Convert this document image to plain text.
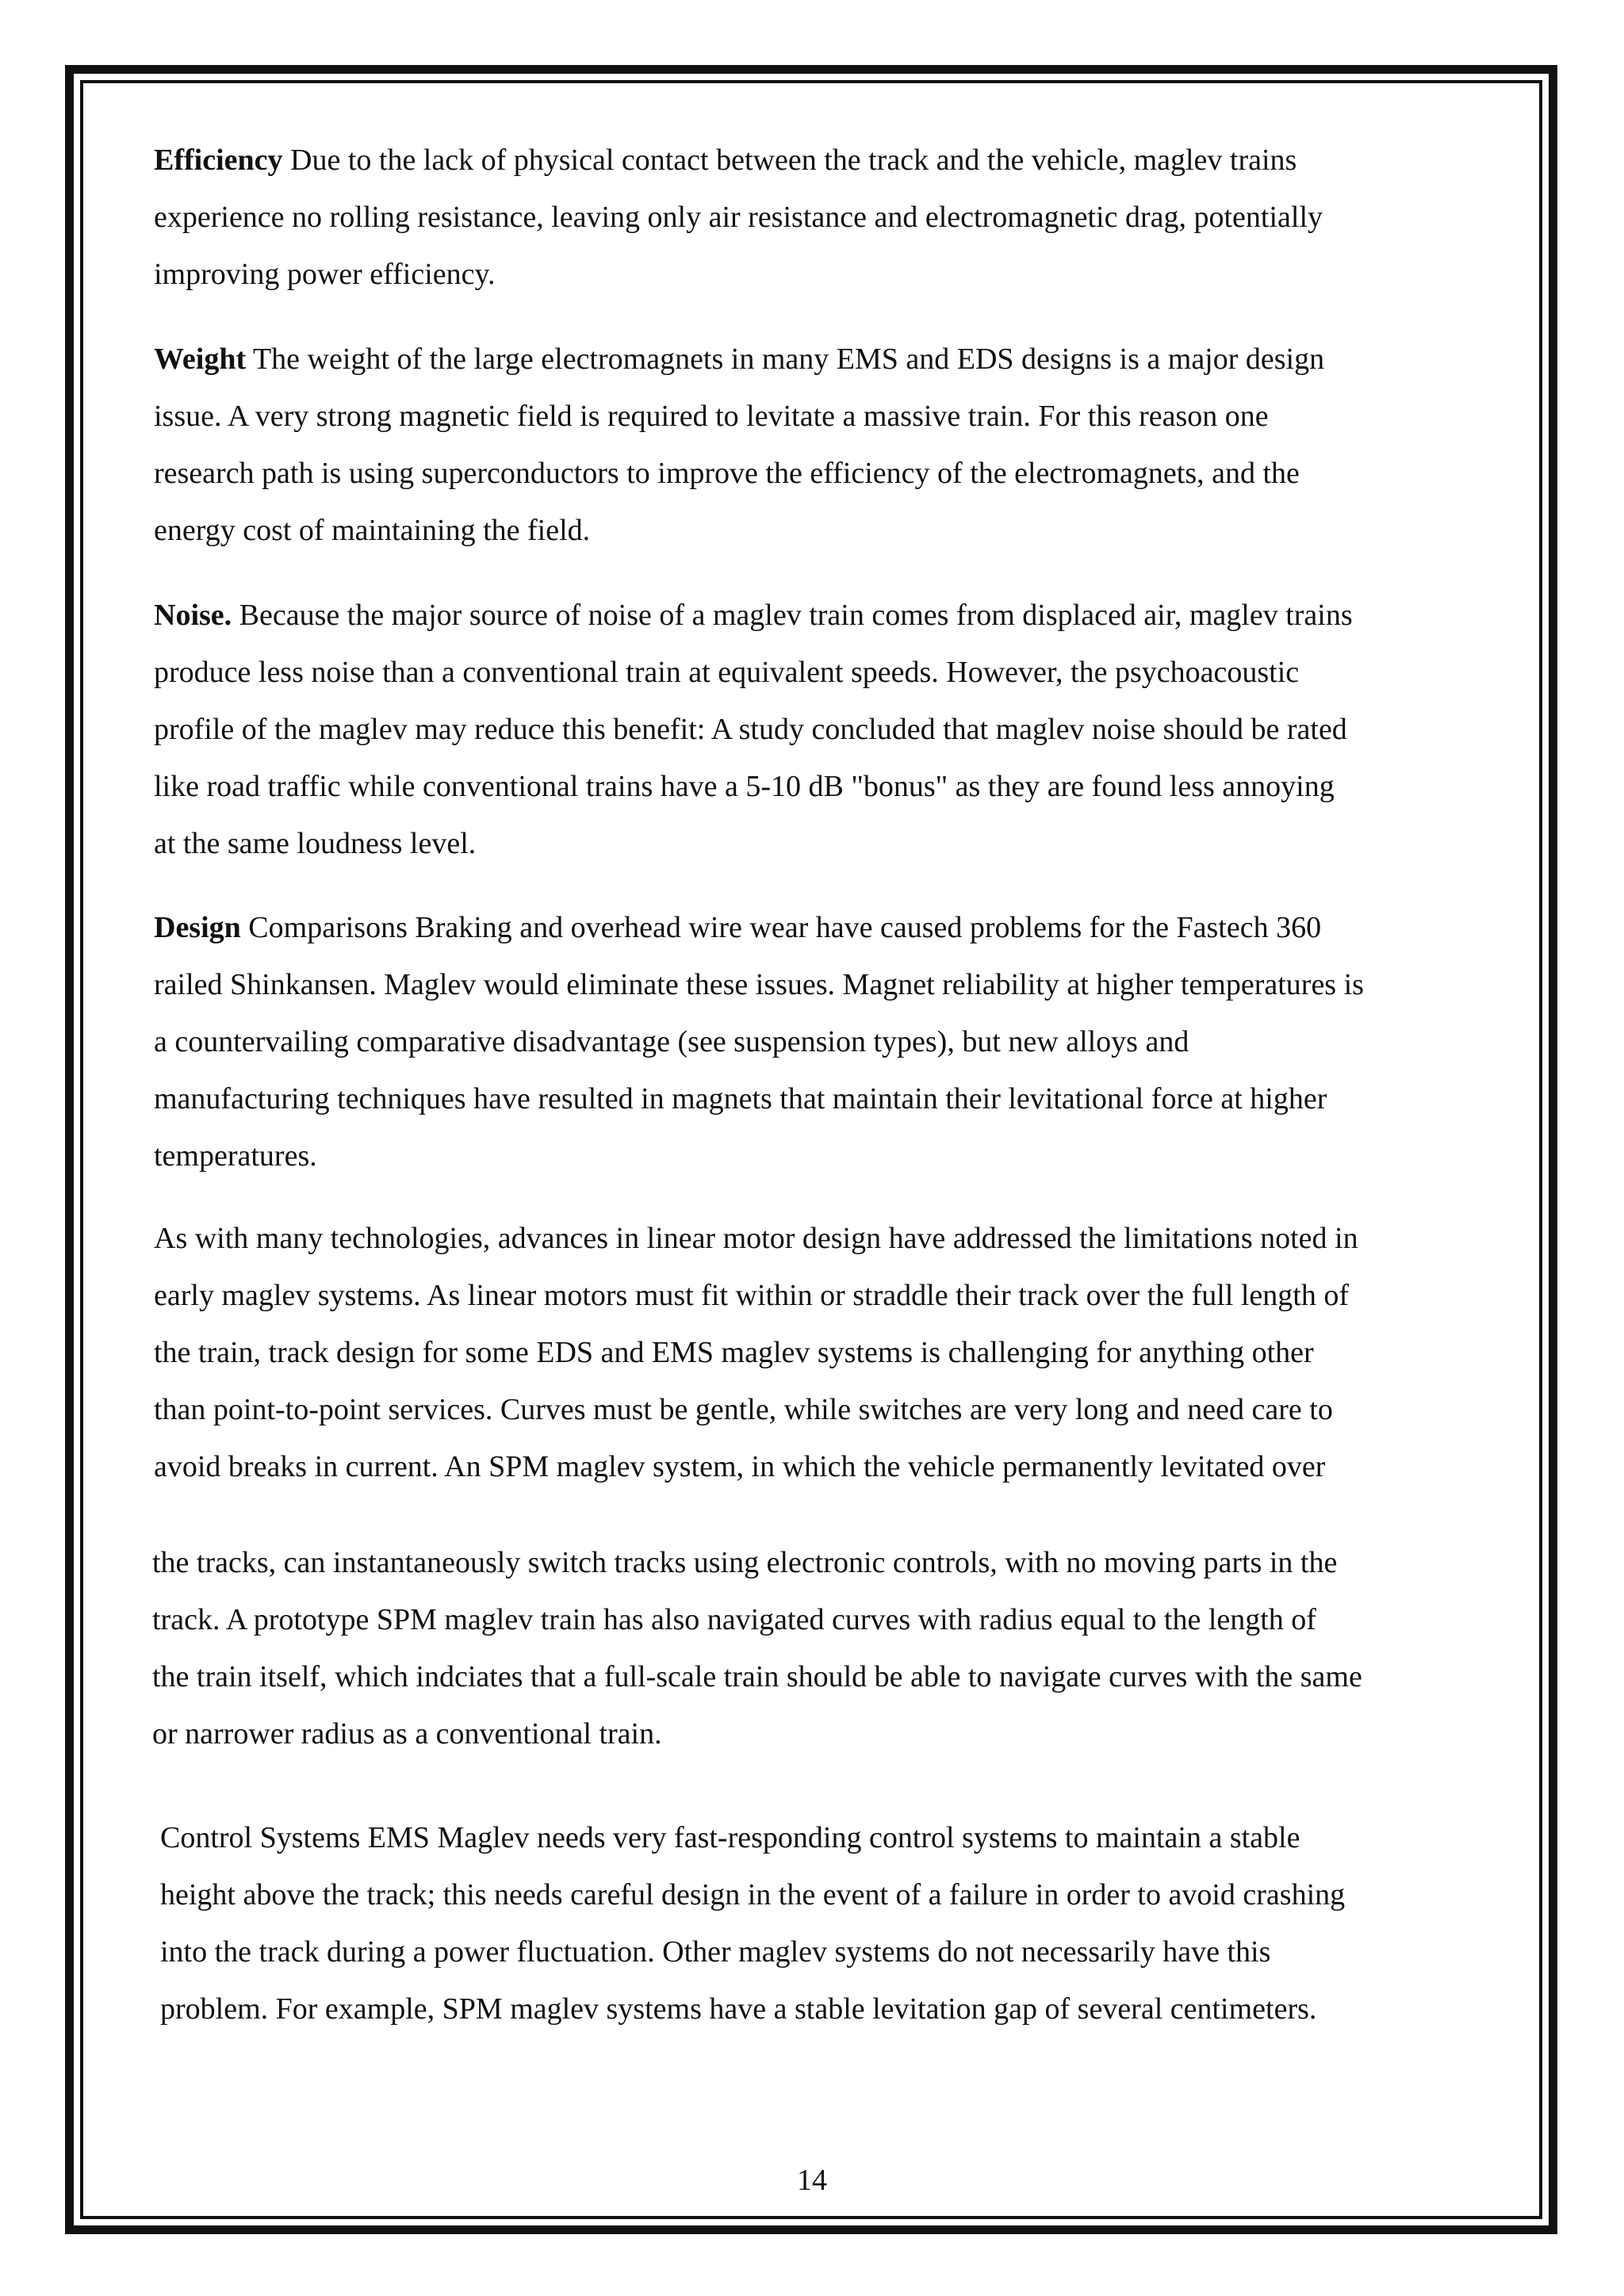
Efficiency Due to the lack of physical contact between the track and the vehicle, maglev trains
experience no rolling resistance, leaving only air resistance and electromagnetic drag, potentially
improving power efficiency.

Weight The weight of the large electromagnets in many EMS and EDS designs is a major design
issue. A very strong magnetic field is required to levitate a massive train. For this reason one
research path is using superconductors to improve the efficiency of the electromagnets, and the
energy cost of maintaining the field.

Noise. Because the major source of noise of a maglev train comes from displaced air, maglev trains
produce less noise than a conventional train at equivalent speeds. However, the psychoacoustic
profile of the maglev may reduce this benefit: A study concluded that maglev noise should be rated
like road traffic while conventional trains have a 5-10 dB "bonus" as they are found less annoying
at the same loudness level.

Design Comparisons Braking and overhead wire wear have caused problems for the Fastech 360
railed Shinkansen. Maglev would eliminate these issues. Magnet reliability at higher temperatures is
a countervailing comparative disadvantage (see suspension types), but new alloys and
manufacturing techniques have resulted in magnets that maintain their levitational force at higher
temperatures.

As with many technologies, advances in linear motor design have addressed the limitations noted in
early maglev systems. As linear motors must fit within or straddle their track over the full length of
the train, track design for some EDS and EMS maglev systems is challenging for anything other
than point-to-point services. Curves must be gentle, while switches are very long and need care to
avoid breaks in current. An SPM maglev system, in which the vehicle permanently levitated over

the tracks, can instantaneously switch tracks using electronic controls, with no moving parts in the
track. A prototype SPM maglev train has also navigated curves with radius equal to the length of
the train itself, which indciates that a full-scale train should be able to navigate curves with the same
or narrower radius as a conventional train.

Control Systems EMS Maglev needs very fast-responding control systems to maintain a stable
height above the track; this needs careful design in the event of a failure in order to avoid crashing
into the track during a power fluctuation. Other maglev systems do not necessarily have this
problem. For example, SPM maglev systems have a stable levitation gap of several centimeters.

14
